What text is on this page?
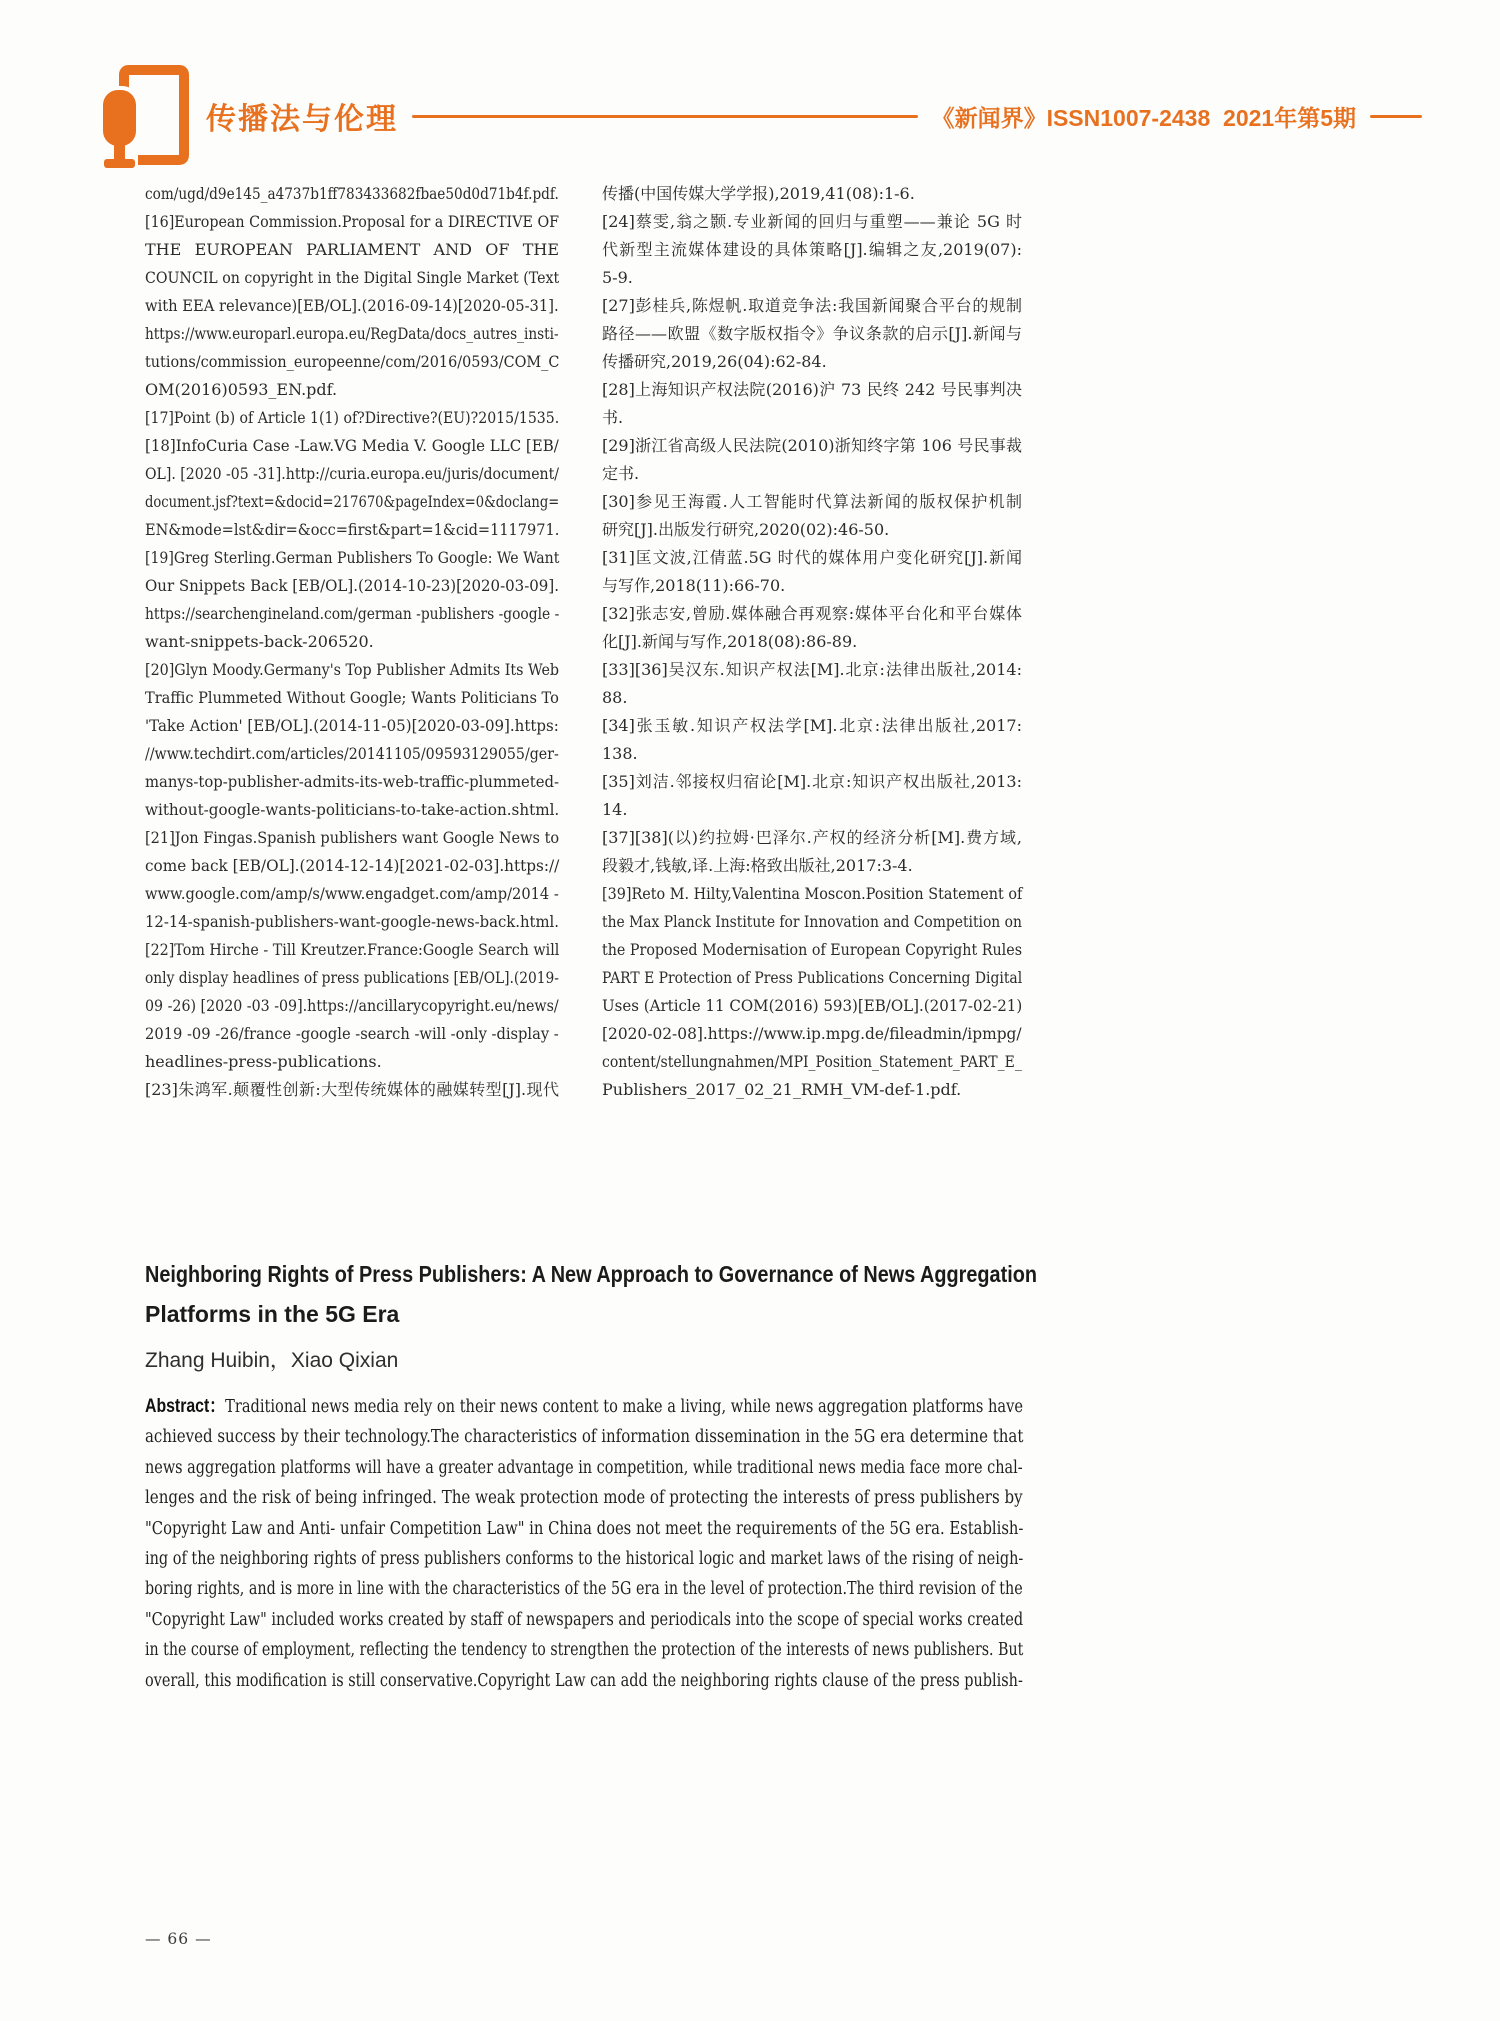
传播法与伦理	《新闻界》ISSN1007-2438  2021年第5期
com/ugd/d9e145_a4737b1ff783433682fbae50d0d71b4f.pdf.
[16]European Commission.Proposal for a DIRECTIVE OF
THE EUROPEAN PARLIAMENT AND OF THE
COUNCIL on copyright in the Digital Single Market (Text
with EEA relevance)[EB/OL].(2016-09-14)[2020-05-31].
https://www.europarl.europa.eu/RegData/docs_autres_insti-
tutions/commission_europeenne/com/2016/0593/COM_C
OM(2016)0593_EN.pdf.
[17]Point (b) of Article 1(1) of?Directive?(EU)?2015/1535.
[18]InfoCuria Case -Law.VG Media V. Google LLC [EB/
OL]. [2020 -05 -31].http://curia.europa.eu/juris/document/
document.jsf?text=&docid=217670&pageIndex=0&doclang=
EN&mode=lst&dir=&occ=first&part=1&cid=1117971.
[19]Greg Sterling.German Publishers To Google: We Want
Our Snippets Back [EB/OL].(2014-10-23)[2020-03-09].
https://searchengineland.com/german -publishers -google -
want-snippets-back-206520.
[20]Glyn Moody.Germany's Top Publisher Admits Its Web
Traffic Plummeted Without Google; Wants Politicians To
'Take Action' [EB/OL].(2014-11-05)[2020-03-09].https:
//www.techdirt.com/articles/20141105/09593129055/ger-
manys-top-publisher-admits-its-web-traffic-plummeted-
without-google-wants-politicians-to-take-action.shtml.
[21]Jon Fingas.Spanish publishers want Google News to
come back [EB/OL].(2014-12-14)[2021-02-03].https://
www.google.com/amp/s/www.engadget.com/amp/2014 -
12-14-spanish-publishers-want-google-news-back.html.
[22]Tom Hirche - Till Kreutzer.France:Google Search will
only display headlines of press publications [EB/OL].(2019-
09 -26) [2020 -03 -09].https://ancillarycopyright.eu/news/
2019 -09 -26/france -google -search -will -only -display -
headlines-press-publications.
[23]朱鸿军.颠覆性创新:大型传统媒体的融媒转型[J].现代
传播(中国传媒大学学报),2019,41(08):1-6.
[24]蔡雯,翁之颢.专业新闻的回归与重塑——兼论 5G 时
代新型主流媒体建设的具体策略[J].编辑之友,2019(07):
5-9.
[27]彭桂兵,陈煜帆.取道竞争法:我国新闻聚合平台的规制
路径——欧盟《数字版权指令》争议条款的启示[J].新闻与
传播研究,2019,26(04):62-84.
[28]上海知识产权法院(2016)沪 73 民终 242 号民事判决
书.
[29]浙江省高级人民法院(2010)浙知终字第 106 号民事裁
定书.
[30]参见王海霞.人工智能时代算法新闻的版权保护机制
研究[J].出版发行研究,2020(02):46-50.
[31]匡文波,江倩蓝.5G 时代的媒体用户变化研究[J].新闻
与写作,2018(11):66-70.
[32]张志安,曾励.媒体融合再观察:媒体平台化和平台媒体
化[J].新闻与写作,2018(08):86-89.
[33][36]吴汉东.知识产权法[M].北京:法律出版社,2014:
88.
[34]张玉敏.知识产权法学[M].北京:法律出版社,2017:
138.
[35]刘洁.邻接权归宿论[M].北京:知识产权出版社,2013:
14.
[37][38](以)约拉姆·巴泽尔.产权的经济分析[M].费方域,
段毅才,钱敏,译.上海:格致出版社,2017:3-4.
[39]Reto M. Hilty,Valentina Moscon.Position Statement of
the Max Planck Institute for Innovation and Competition on
the Proposed Modernisation of European Copyright Rules
PART E Protection of Press Publications Concerning Digital
Uses (Article 11 COM(2016) 593)[EB/OL].(2017-02-21)
[2020-02-08].https://www.ip.mpg.de/fileadmin/ipmpg/
content/stellungnahmen/MPI_Position_Statement_PART_E_
Publishers_2017_02_21_RMH_VM-def-1.pdf.
Neighboring Rights of Press Publishers: A New Approach to Governance of News Aggregation
Platforms in the 5G Era
Zhang Huibin，Xiao Qixian
Abstract：Traditional news media rely on their news content to make a living, while news aggregation platforms have
achieved success by their technology.The characteristics of information dissemination in the 5G era determine that
news aggregation platforms will have a greater advantage in competition, while traditional news media face more chal-
lenges and the risk of being infringed. The weak protection mode of protecting the interests of press publishers by
"Copyright Law and Anti- unfair Competition Law" in China does not meet the requirements of the 5G era. Establish-
ing of the neighboring rights of press publishers conforms to the historical logic and market laws of the rising of neigh-
boring rights, and is more in line with the characteristics of the 5G era in the level of protection.The third revision of the
"Copyright Law" included works created by staff of newspapers and periodicals into the scope of special works created
in the course of employment, reflecting the tendency to strengthen the protection of the interests of news publishers. But
overall, this modification is still conservative.Copyright Law can add the neighboring rights clause of the press publish-
— 66 —
